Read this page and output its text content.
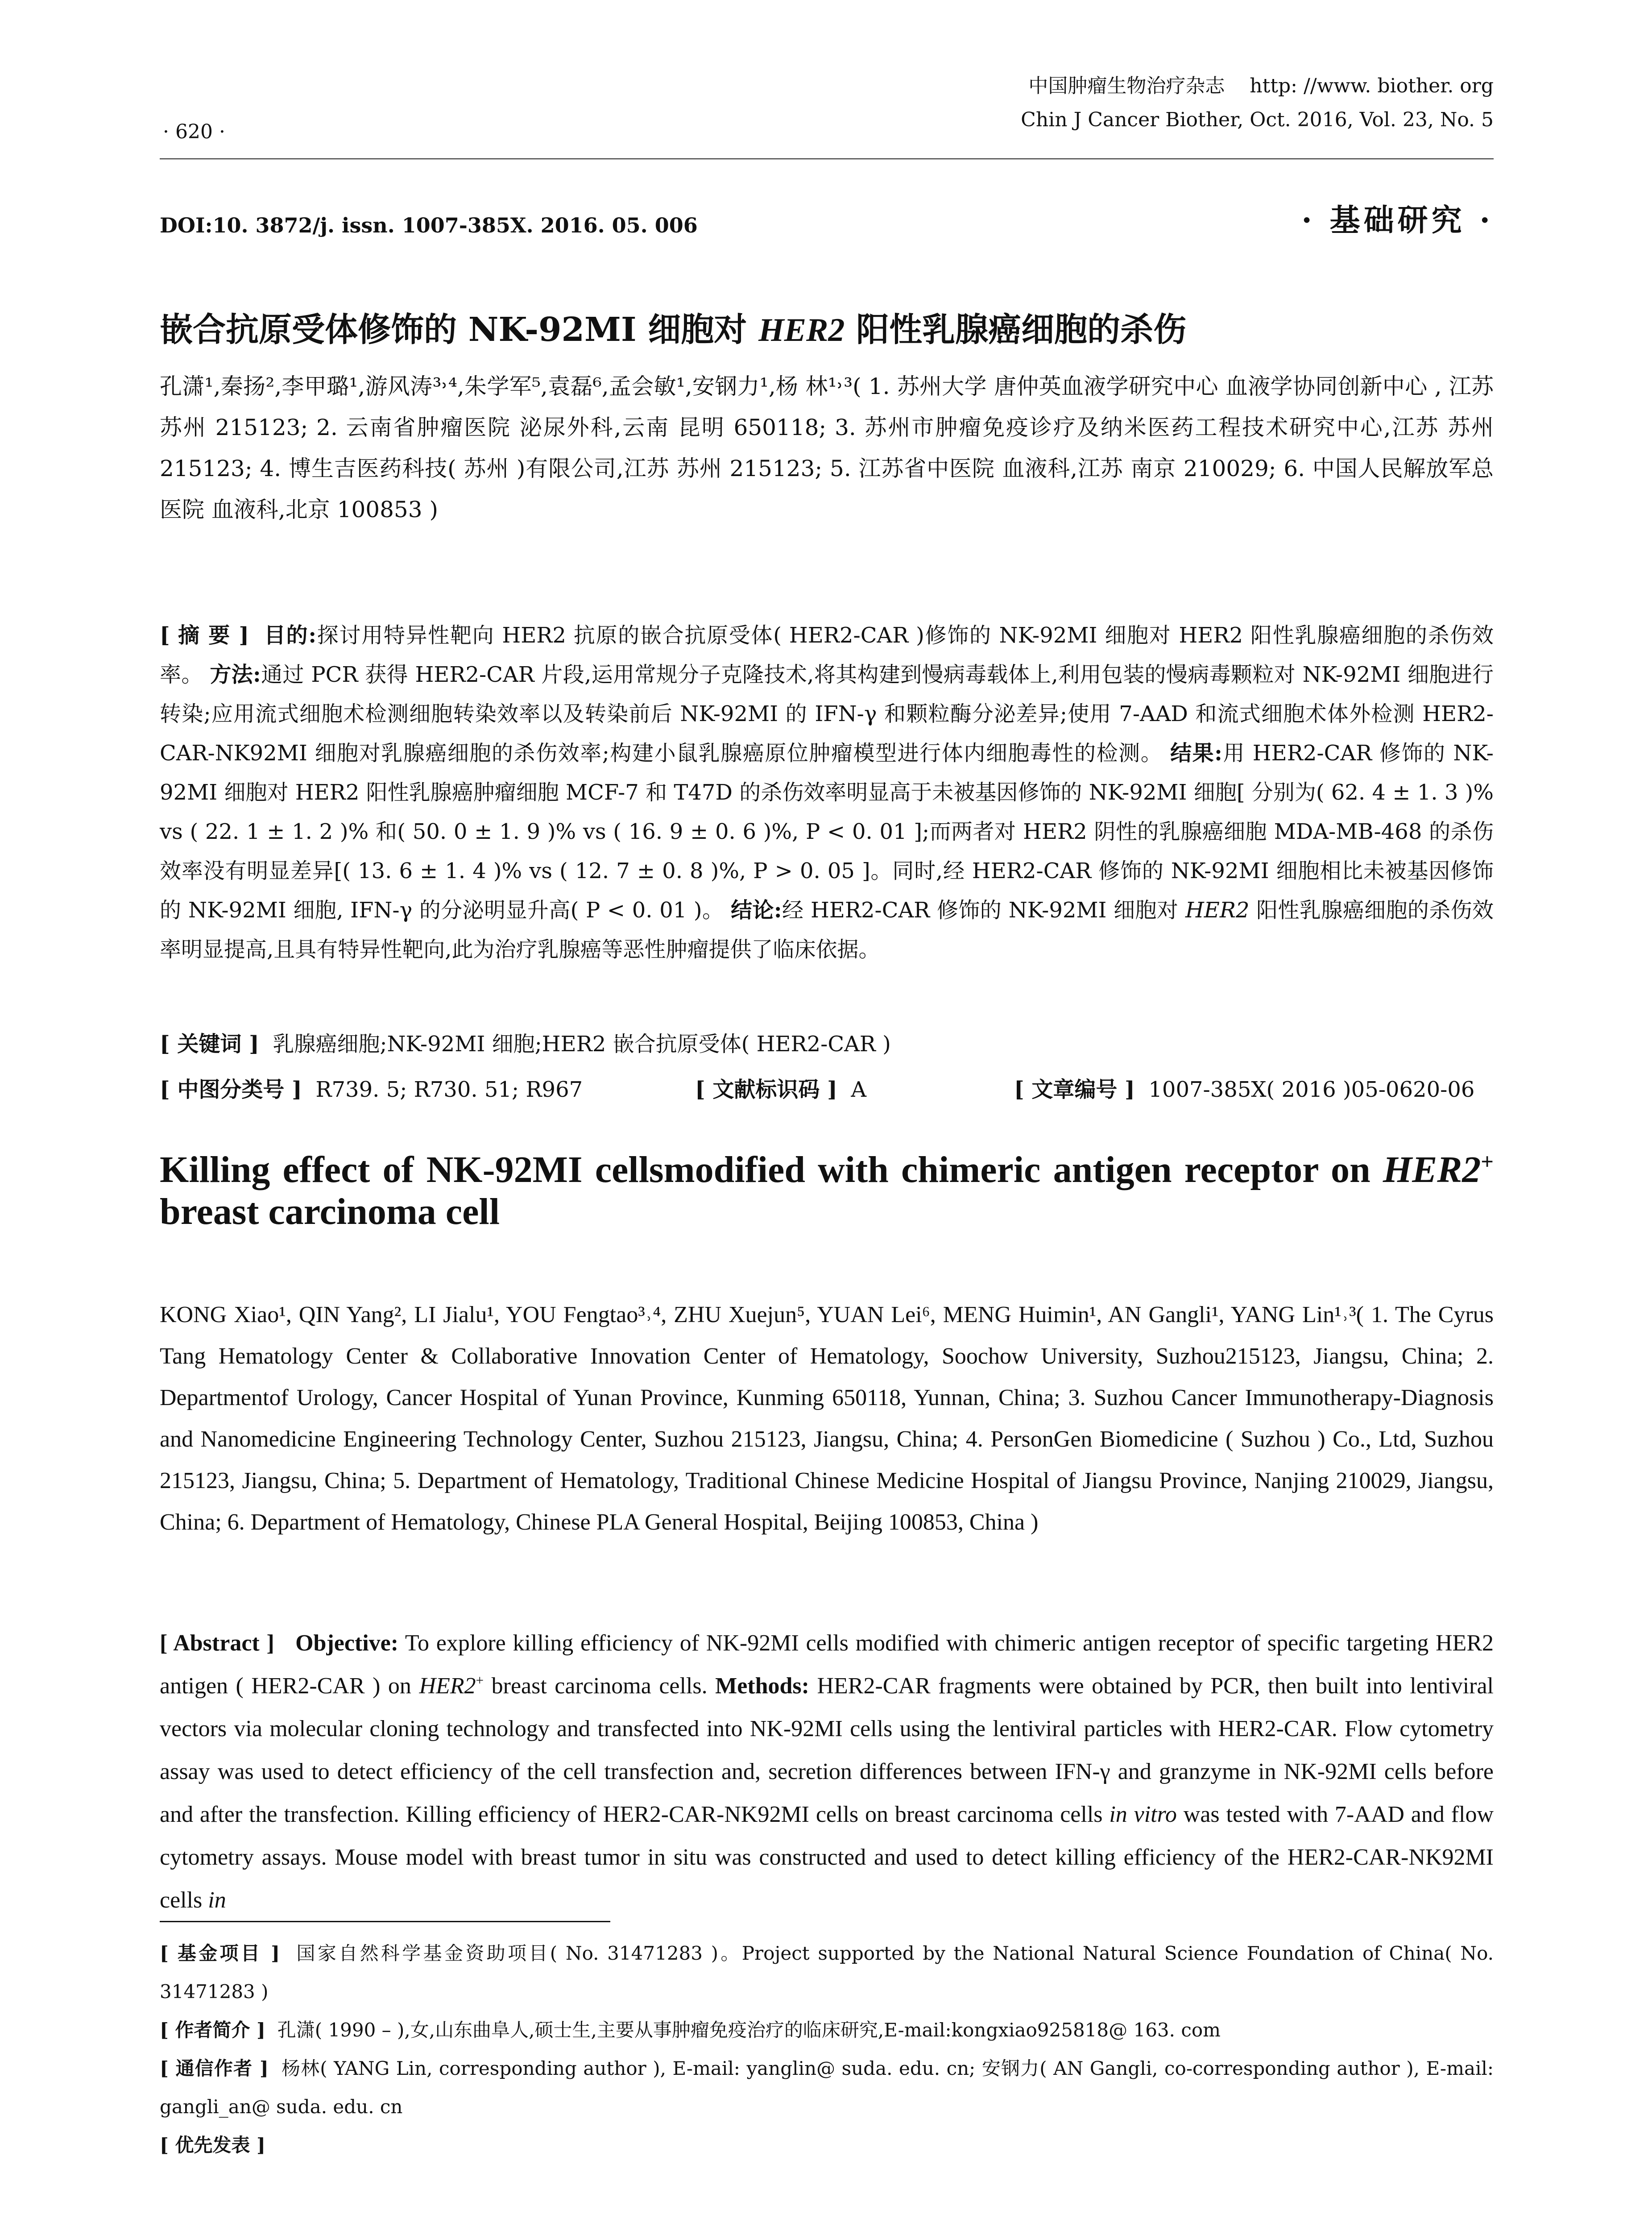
中国肿瘤生物治疗杂志 http: //www. biother. org
Chin J Cancer Biother, Oct. 2016, Vol. 23, No. 5
· 620 ·
DOI:10. 3872/j. issn. 1007-385X. 2016. 05. 006	· 基础研究 ·
嵌合抗原受体修饰的 NK-92MI 细胞对 HER2 阳性乳腺癌细胞的杀伤
孔潇¹,秦扬²,李甲璐¹,游风涛³˒⁴,朱学军⁵,袁磊⁶,孟会敏¹,安钢力¹,杨 林¹˒³( 1. 苏州大学 唐仲英血液学研究中心 血液学协同创新中心 , 江苏 苏州 215123; 2. 云南省肿瘤医院 泌尿外科,云南 昆明 650118; 3. 苏州市肿瘤免疫诊疗及纳米医药工程技术研究中心,江苏 苏州 215123; 4. 博生吉医药科技( 苏州 )有限公司,江苏 苏州 215123; 5. 江苏省中医院 血液科,江苏 南京 210029; 6. 中国人民解放军总医院 血液科,北京 100853 )
[ 摘 要 ] 目的:探讨用特异性靶向 HER2 抗原的嵌合抗原受体( HER2-CAR )修饰的 NK-92MI 细胞对 HER2 阳性乳腺癌细胞的杀伤效率。 方法:通过 PCR 获得 HER2-CAR 片段,运用常规分子克隆技术,将其构建到慢病毒载体上,利用包装的慢病毒颗粒对 NK-92MI 细胞进行转染;应用流式细胞术检测细胞转染效率以及转染前后 NK-92MI 的 IFN-γ 和颗粒酶分泌差异;使用 7-AAD 和流式细胞术体外检测 HER2-CAR-NK92MI 细胞对乳腺癌细胞的杀伤效率;构建小鼠乳腺癌原位肿瘤模型进行体内细胞毒性的检测。 结果:用 HER2-CAR 修饰的 NK-92MI 细胞对 HER2 阳性乳腺癌肿瘤细胞 MCF-7 和 T47D 的杀伤效率明显高于未被基因修饰的 NK-92MI 细胞[ 分别为( 62. 4 ± 1. 3 )% vs ( 22. 1 ± 1. 2 )% 和( 50. 0 ± 1. 9 )% vs ( 16. 9 ± 0. 6 )%, P < 0. 01 ];而两者对 HER2 阴性的乳腺癌细胞 MDA-MB-468 的杀伤效率没有明显差异[( 13. 6 ± 1. 4 )% vs ( 12. 7 ± 0. 8 )%, P > 0. 05 ]。同时,经 HER2-CAR 修饰的 NK-92MI 细胞相比未被基因修饰的 NK-92MI 细胞, IFN-γ 的分泌明显升高( P < 0. 01 )。 结论:经 HER2-CAR 修饰的 NK-92MI 细胞对 HER2 阳性乳腺癌细胞的杀伤效率明显提高,且具有特异性靶向,此为治疗乳腺癌等恶性肿瘤提供了临床依据。
[ 关键词 ] 乳腺癌细胞;NK-92MI 细胞;HER2 嵌合抗原受体( HER2-CAR )
[ 中图分类号 ] R739. 5; R730. 51; R967	[ 文献标识码 ] A	[ 文章编号 ] 1007-385X( 2016 )05-0620-06
Killing effect of NK-92MI cellsmodified with chimeric antigen receptor on HER2+ breast carcinoma cell
KONG Xiao¹, QIN Yang², LI Jialu¹, YOU Fengtao³˒⁴, ZHU Xuejun⁵, YUAN Lei⁶, MENG Huimin¹, AN Gangli¹, YANG Lin¹˒³( 1. The Cyrus Tang Hematology Center & Collaborative Innovation Center of Hematology, Soochow University, Suzhou215123, Jiangsu, China; 2. Departmentof Urology, Cancer Hospital of Yunan Province, Kunming 650118, Yunnan, China; 3. Suzhou Cancer Immunotherapy-Diagnosis and Nanomedicine Engineering Technology Center, Suzhou 215123, Jiangsu, China; 4. PersonGen Biomedicine ( Suzhou ) Co., Ltd, Suzhou 215123, Jiangsu, China; 5. Department of Hematology, Traditional Chinese Medicine Hospital of Jiangsu Province, Nanjing 210029, Jiangsu, China; 6. Department of Hematology, Chinese PLA General Hospital, Beijing 100853, China )
[ Abstract ] Objective: To explore killing efficiency of NK-92MI cells modified with chimeric antigen receptor of specific targeting HER2 antigen ( HER2-CAR ) on HER2+ breast carcinoma cells. Methods: HER2-CAR fragments were obtained by PCR, then built into lentiviral vectors via molecular cloning technology and transfected into NK-92MI cells using the lentiviral particles with HER2-CAR. Flow cytometry assay was used to detect efficiency of the cell transfection and, secretion differences between IFN-γ and granzyme in NK-92MI cells before and after the transfection. Killing efficiency of HER2-CAR-NK92MI cells on breast carcinoma cells in vitro was tested with 7-AAD and flow cytometry assays. Mouse model with breast tumor in situ was constructed and used to detect killing efficiency of the HER2-CAR-NK92MI cells in
[ 基金项目 ] 国家自然科学基金资助项目( No. 31471283 )。Project supported by the National Natural Science Foundation of China( No. 31471283 )
[ 作者简介 ] 孔潇( 1990 – ),女,山东曲阜人,硕士生,主要从事肿瘤免疫治疗的临床研究,E-mail:kongxiao925818@ 163. com
[ 通信作者 ] 杨林( YANG Lin, corresponding author ), E-mail: yanglin@ suda. edu. cn; 安钢力( AN Gangli, co-corresponding author ), E-mail: gangli_an@ suda. edu. cn
[ 优先发表 ]
